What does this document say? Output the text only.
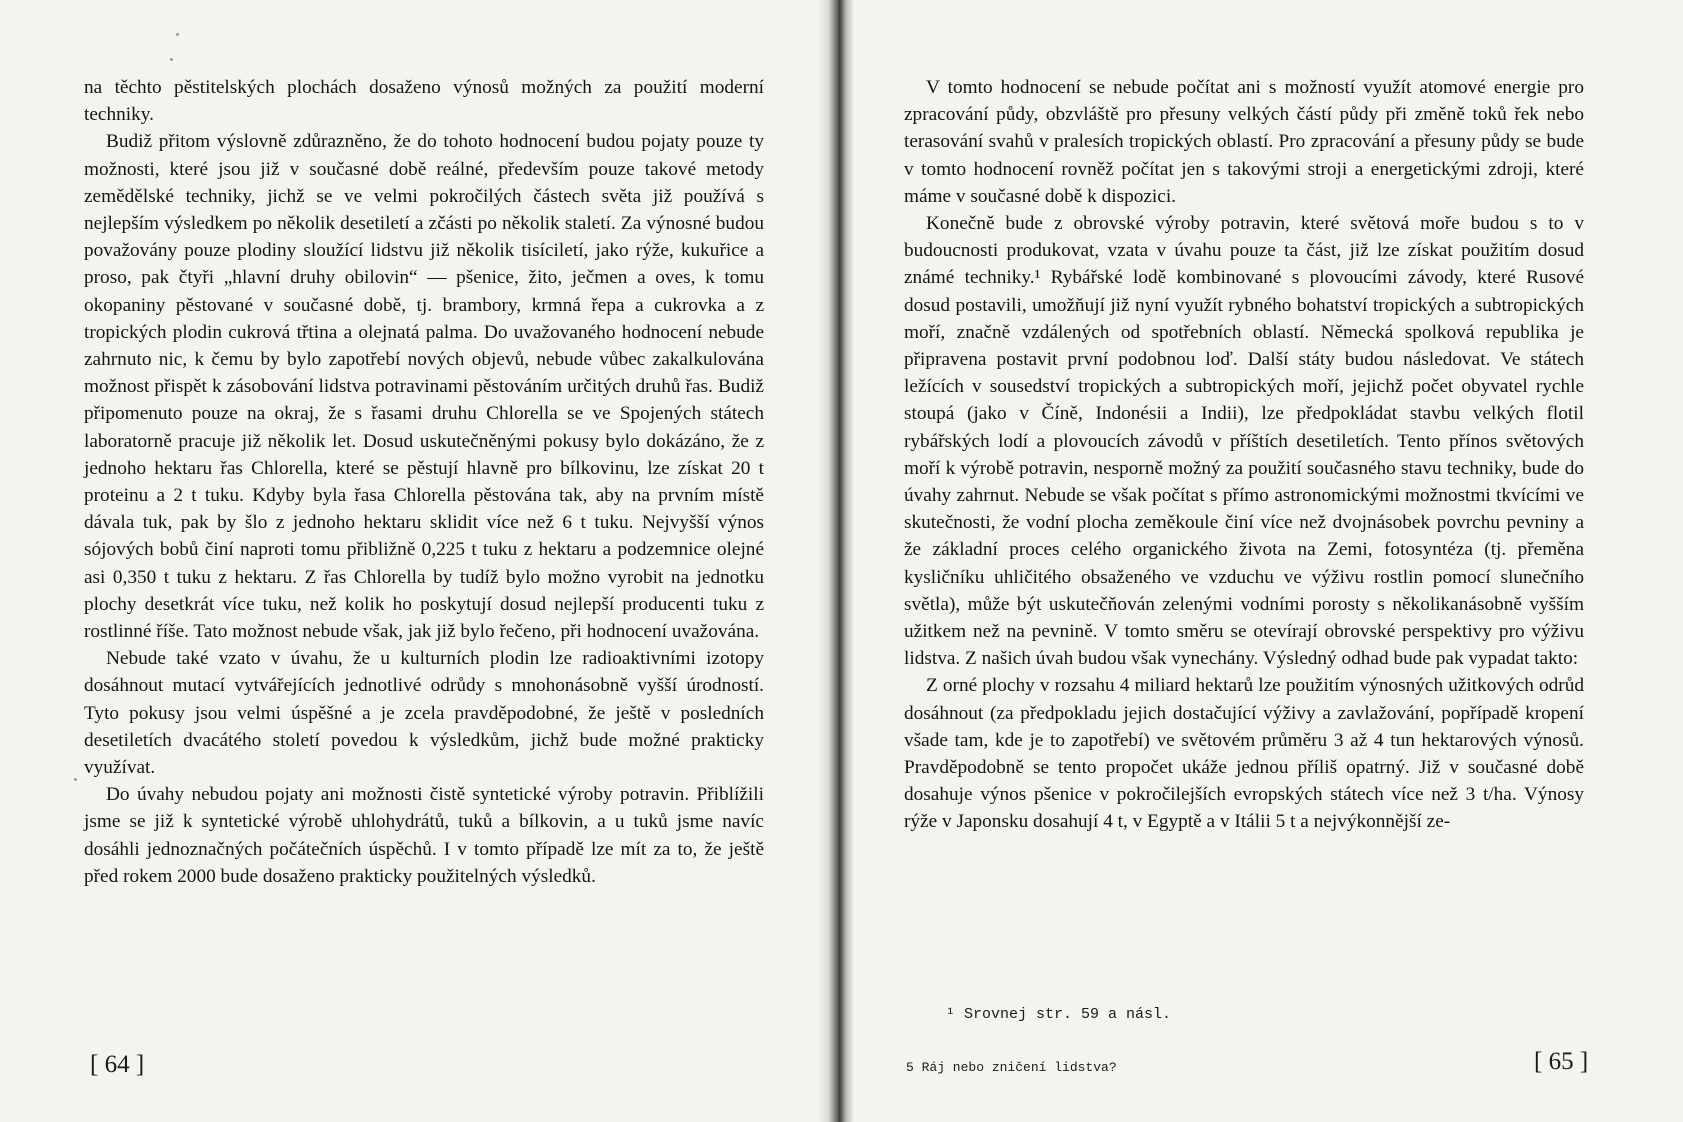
na těchto pěstitelských plochách dosaženo výnosů možných za použití moderní techniky.

Budiž přitom výslovně zdůrazněno, že do tohoto hodnocení budou pojaty pouze ty možnosti, které jsou již v současné době reálné, především pouze takové metody zemědělské techniky, jichž se ve velmi pokročilých částech světa již používá s nejlepším výsledkem po několik desetiletí a zčásti po několik staletí. Za výnosné budou považovány pouze plodiny sloužící lidstvu již několik tisíciletí, jako rýže, kukuřice a proso, pak čtyři „hlavní druhy obilovin“ — pšenice, žito, ječmen a oves, k tomu okopaniny pěstované v současné době, tj. brambory, krmná řepa a cukrovka a z tropických plodin cukrová třtina a olejnatá palma. Do uvažovaného hodnocení nebude zahrnuto nic, k čemu by bylo zapotřebí nových objevů, nebude vůbec zakalkulována možnost přispět k zásobování lidstva potravinami pěstováním určitých druhů řas. Budiž připomenuto pouze na okraj, že s řasami druhu Chlorella se ve Spojených státech laboratorně pracuje již několik let. Dosud uskutečněnými pokusy bylo dokázáno, že z jednoho hektaru řas Chlorella, které se pěstují hlavně pro bílkovinu, lze získat 20 t proteinu a 2 t tuku. Kdyby byla řasa Chlorella pěstována tak, aby na prvním místě dávala tuk, pak by šlo z jednoho hektaru sklidit více než 6 t tuku. Nejvyšší výnos sójových bobů činí naproti tomu přibližně 0,225 t tuku z hektaru a podzemnice olejné asi 0,350 t tuku z hektaru. Z řas Chlorella by tudíž bylo možno vyrobit na jednotku plochy desetkrát více tuku, než kolik ho poskytují dosud nejlepší producenti tuku z rostlinné říše. Tato možnost nebude však, jak již bylo řečeno, při hodnocení uvažována.

Nebude také vzato v úvahu, že u kulturních plodin lze radioaktivními izotopy dosáhnout mutací vytvářejících jednotlivé odrůdy s mnohonásobně vyšší úrodností. Tyto pokusy jsou velmi úspěšné a je zcela pravděpodobné, že ještě v posledních desetiletích dvacátého století povedou k výsledkům, jichž bude možné prakticky využívat.

Do úvahy nebudou pojaty ani možnosti čistě syntetické výroby potravin. Přiblížili jsme se již k syntetické výrobě uhlohydrátů, tuků a bílkovin, a u tuků jsme navíc dosáhli jednoznačných počátečních úspěchů. I v tomto případě lze mít za to, že ještě před rokem 2000 bude dosaženo prakticky použitelných výsledků.

[ 64 ]

V tomto hodnocení se nebude počítat ani s možností využít atomové energie pro zpracování půdy, obzvláště pro přesuny velkých částí půdy při změně toků řek nebo terasování svahů v pralesích tropických oblastí. Pro zpracování a přesuny půdy se bude v tomto hodnocení rovněž počítat jen s takovými stroji a energetickými zdroji, které máme v současné době k dispozici.

Konečně bude z obrovské výroby potravin, které světová moře budou s to v budoucnosti produkovat, vzata v úvahu pouze ta část, již lze získat použitím dosud známé techniky.¹ Rybářské lodě kombinované s plovoucími závody, které Rusové dosud postavili, umožňují již nyní využít rybného bohatství tropických a subtropických moří, značně vzdálených od spotřebních oblastí. Německá spolková republika je připravena postavit první podobnou loď. Další státy budou následovat. Ve státech ležících v sousedství tropických a subtropických moří, jejichž počet obyvatel rychle stoupá (jako v Číně, Indonésii a Indii), lze předpokládat stavbu velkých flotil rybářských lodí a plovoucích závodů v příštích desetiletích. Tento přínos světových moří k výrobě potravin, nesporně možný za použití současného stavu techniky, bude do úvahy zahrnut. Nebude se však počítat s přímo astronomickými možnostmi tkvícími ve skutečnosti, že vodní plocha zeměkoule činí více než dvojnásobek povrchu pevniny a že základní proces celého organického života na Zemi, fotosyntéza (tj. přeměna kysličníku uhličitého obsaženého ve vzduchu ve výživu rostlin pomocí slunečního světla), může být uskutečňován zelenými vodními porosty s několikanásobně vyšším užitkem než na pevnině. V tomto směru se otevírají obrovské perspektivy pro výživu lidstva. Z našich úvah budou však vynechány. Výsledný odhad bude pak vypadat takto:

Z orné plochy v rozsahu 4 miliard hektarů lze použitím výnosných užitkových odrůd dosáhnout (za předpokladu jejich dostačující výživy a zavlažování, popřípadě kropení všade tam, kde je to zapotřebí) ve světovém průměru 3 až 4 tun hektarových výnosů. Pravděpodobně se tento propočet ukáže jednou příliš opatrný. Již v současné době dosahuje výnos pšenice v pokročilejších evropských státech více než 3 t/ha. Výnosy rýže v Japonsku dosahují 4 t, v Egyptě a v Itálii 5 t a nejvýkonnější ze-

¹ Srovnej str. 59 a násl.

5 Ráj nebo zničení lidstva?	[ 65 ]
